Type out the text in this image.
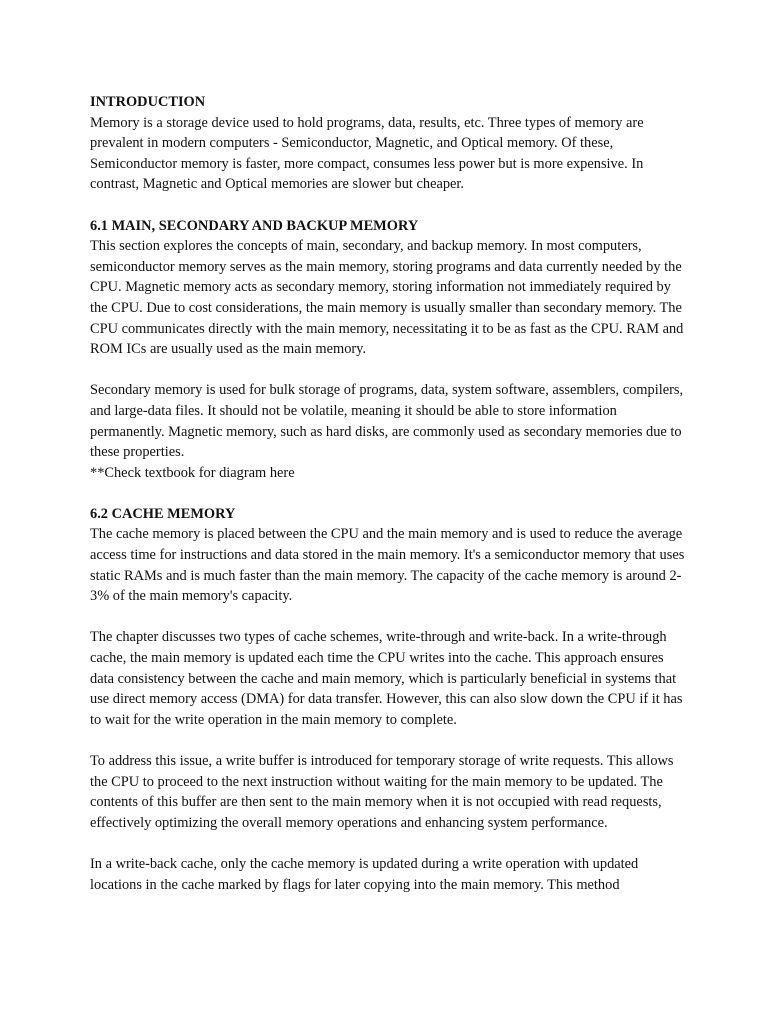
INTRODUCTION

Memory is a storage device used to hold programs, data, results, etc. Three types of memory are prevalent in modern computers - Semiconductor, Magnetic, and Optical memory. Of these, Semiconductor memory is faster, more compact, consumes less power but is more expensive. In contrast, Magnetic and Optical memories are slower but cheaper.

6.1 MAIN, SECONDARY AND BACKUP MEMORY

This section explores the concepts of main, secondary, and backup memory. In most computers, semiconductor memory serves as the main memory, storing programs and data currently needed by the CPU. Magnetic memory acts as secondary memory, storing information not immediately required by the CPU. Due to cost considerations, the main memory is usually smaller than secondary memory. The CPU communicates directly with the main memory, necessitating it to be as fast as the CPU. RAM and ROM ICs are usually used as the main memory.

Secondary memory is used for bulk storage of programs, data, system software, assemblers, compilers, and large-data files. It should not be volatile, meaning it should be able to store information permanently. Magnetic memory, such as hard disks, are commonly used as secondary memories due to these properties.

**Check textbook for diagram here

6.2 CACHE MEMORY

The cache memory is placed between the CPU and the main memory and is used to reduce the average access time for instructions and data stored in the main memory. It's a semiconductor memory that uses static RAMs and is much faster than the main memory. The capacity of the cache memory is around 2-3% of the main memory's capacity.

The chapter discusses two types of cache schemes, write-through and write-back. In a write-through cache, the main memory is updated each time the CPU writes into the cache. This approach ensures data consistency between the cache and main memory, which is particularly beneficial in systems that use direct memory access (DMA) for data transfer. However, this can also slow down the CPU if it has to wait for the write operation in the main memory to complete.

To address this issue, a write buffer is introduced for temporary storage of write requests. This allows the CPU to proceed to the next instruction without waiting for the main memory to be updated. The contents of this buffer are then sent to the main memory when it is not occupied with read requests, effectively optimizing the overall memory operations and enhancing system performance.

In a write-back cache, only the cache memory is updated during a write operation with updated locations in the cache marked by flags for later copying into the main memory. This method
